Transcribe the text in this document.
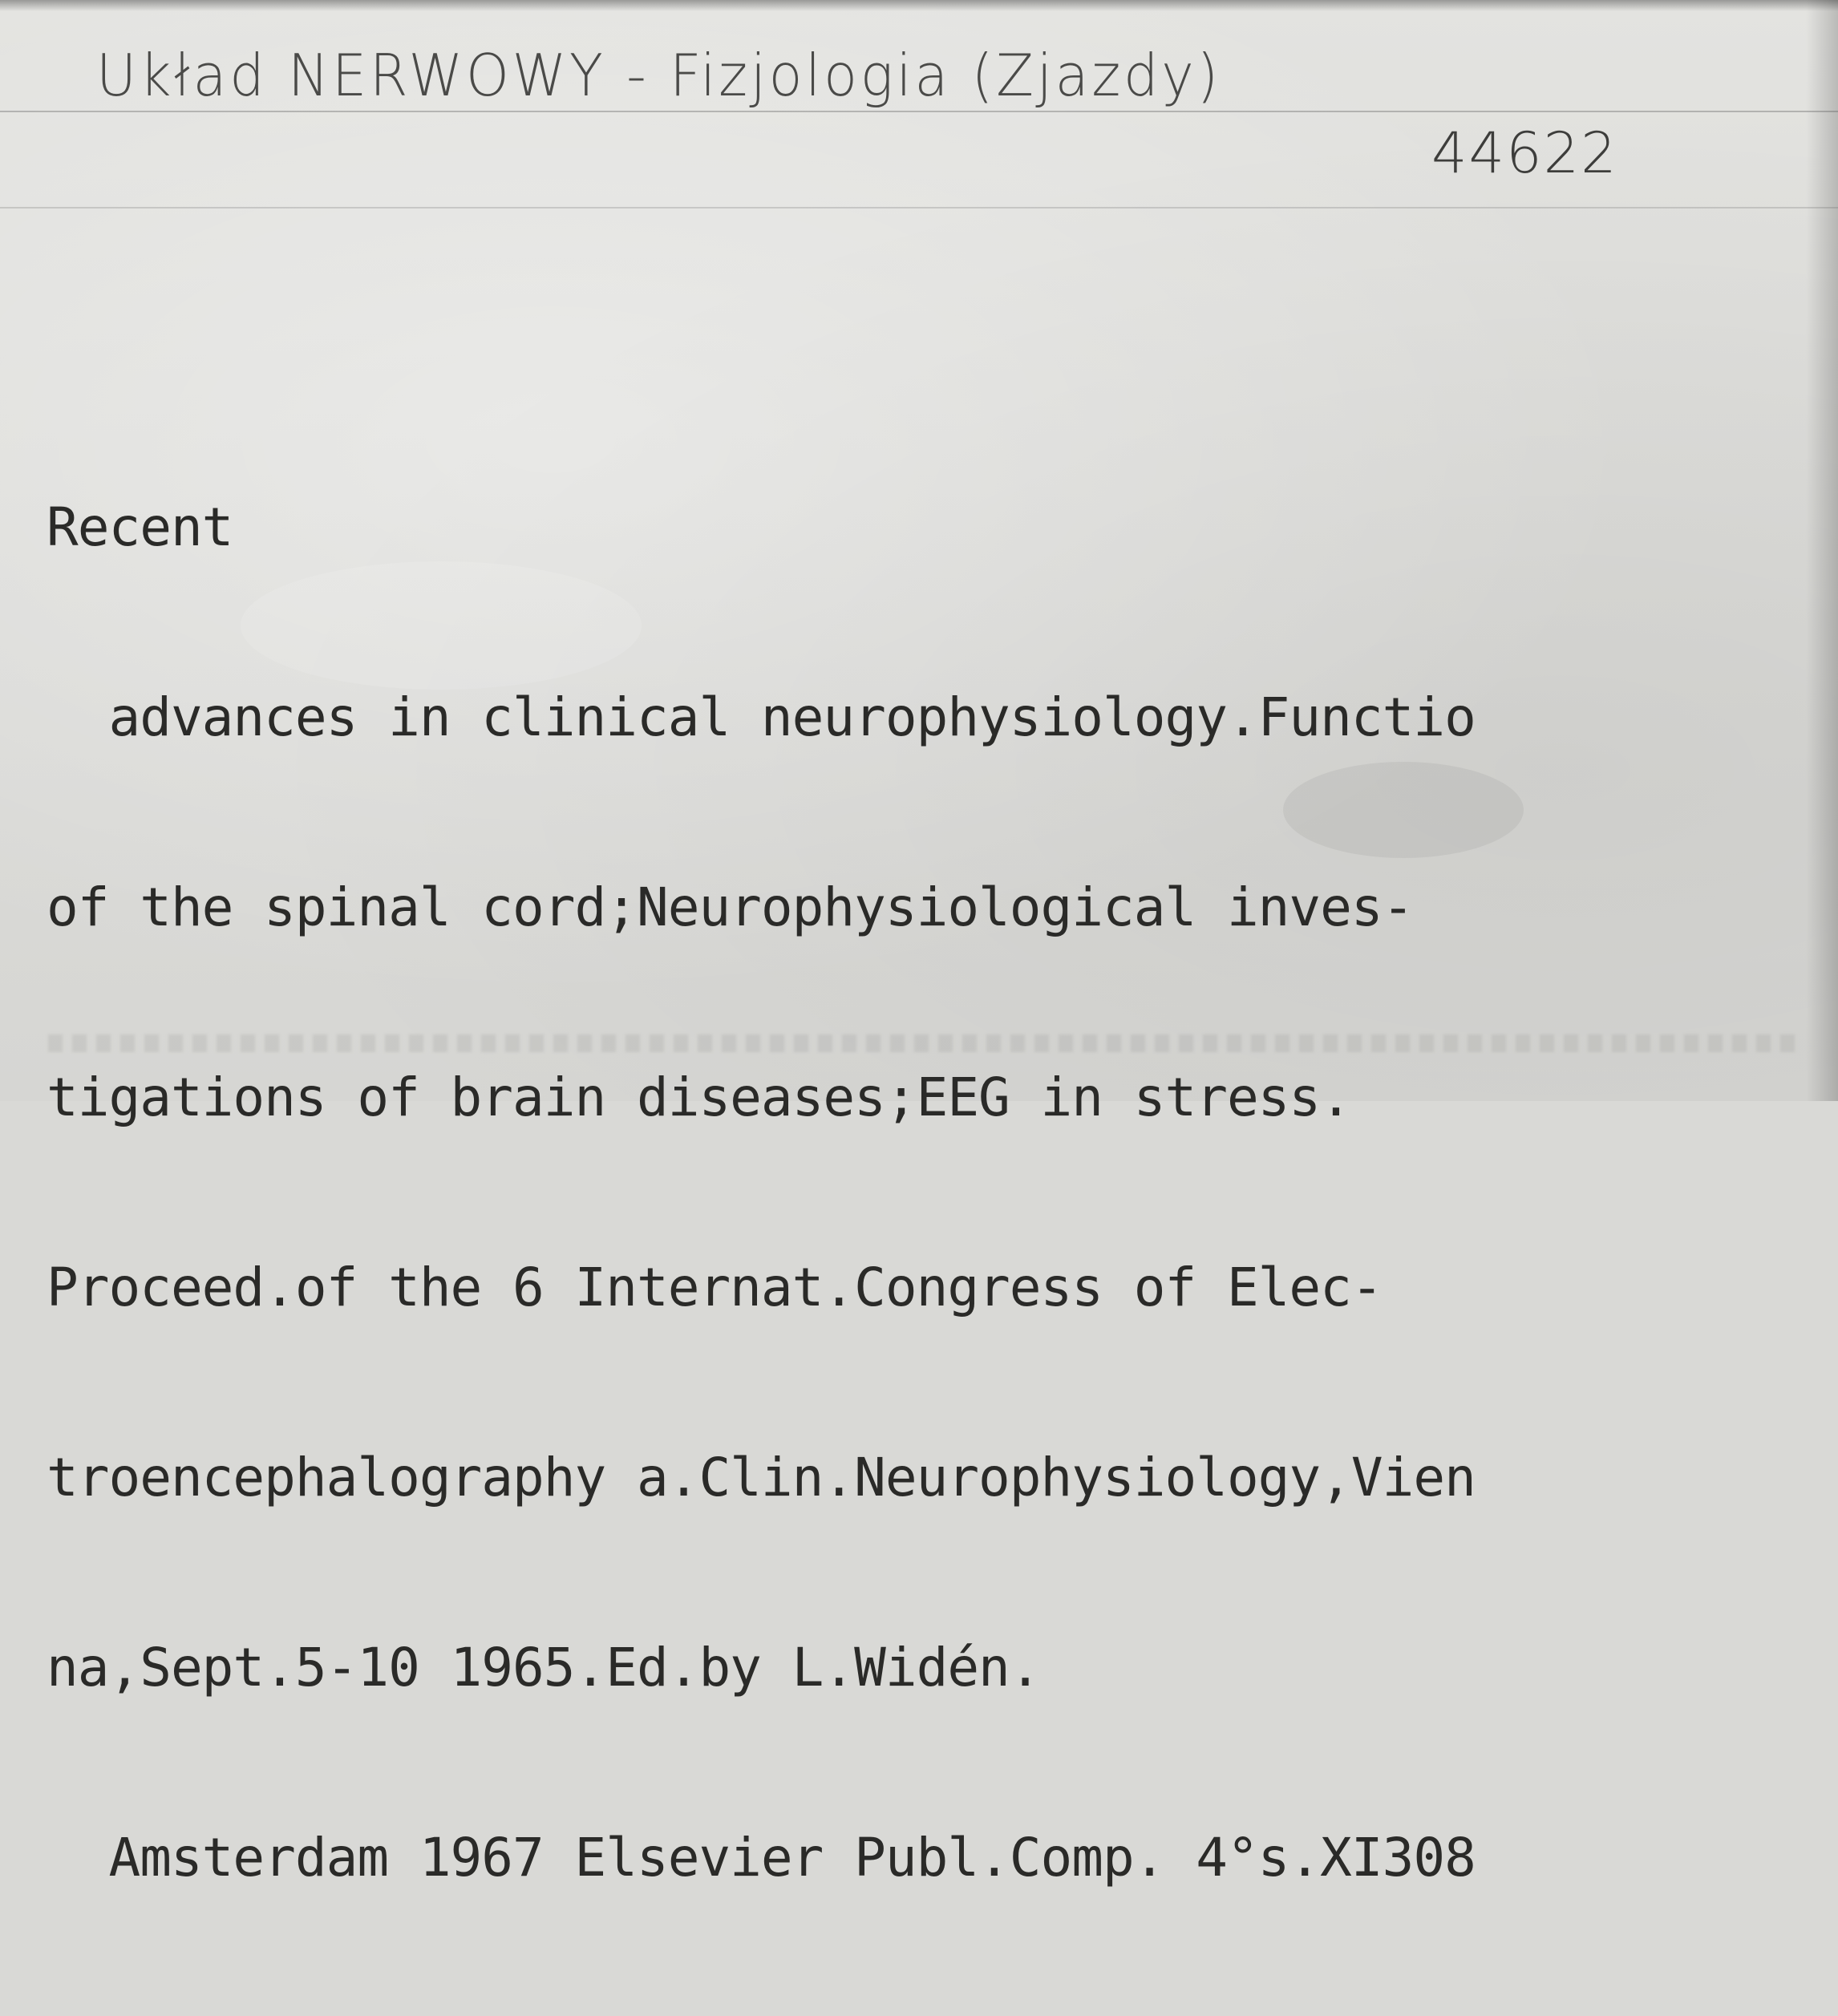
Układ NERWOWY - Fizjologia (Zjazdy)
44622

Recent

advances in clinical neurophysiology.Functio

of the spinal cord;Neurophysiological inves-

tigations of brain diseases;EEG in stress.

Proceed.of the 6 Internat.Congress of Elec-

troencephalography a.Clin.Neurophysiology,Vien

na,Sept.5-10 1965.Ed.by L.Widén.

Amsterdam 1967 Elsevier Publ.Comp. 4°s.XI308
